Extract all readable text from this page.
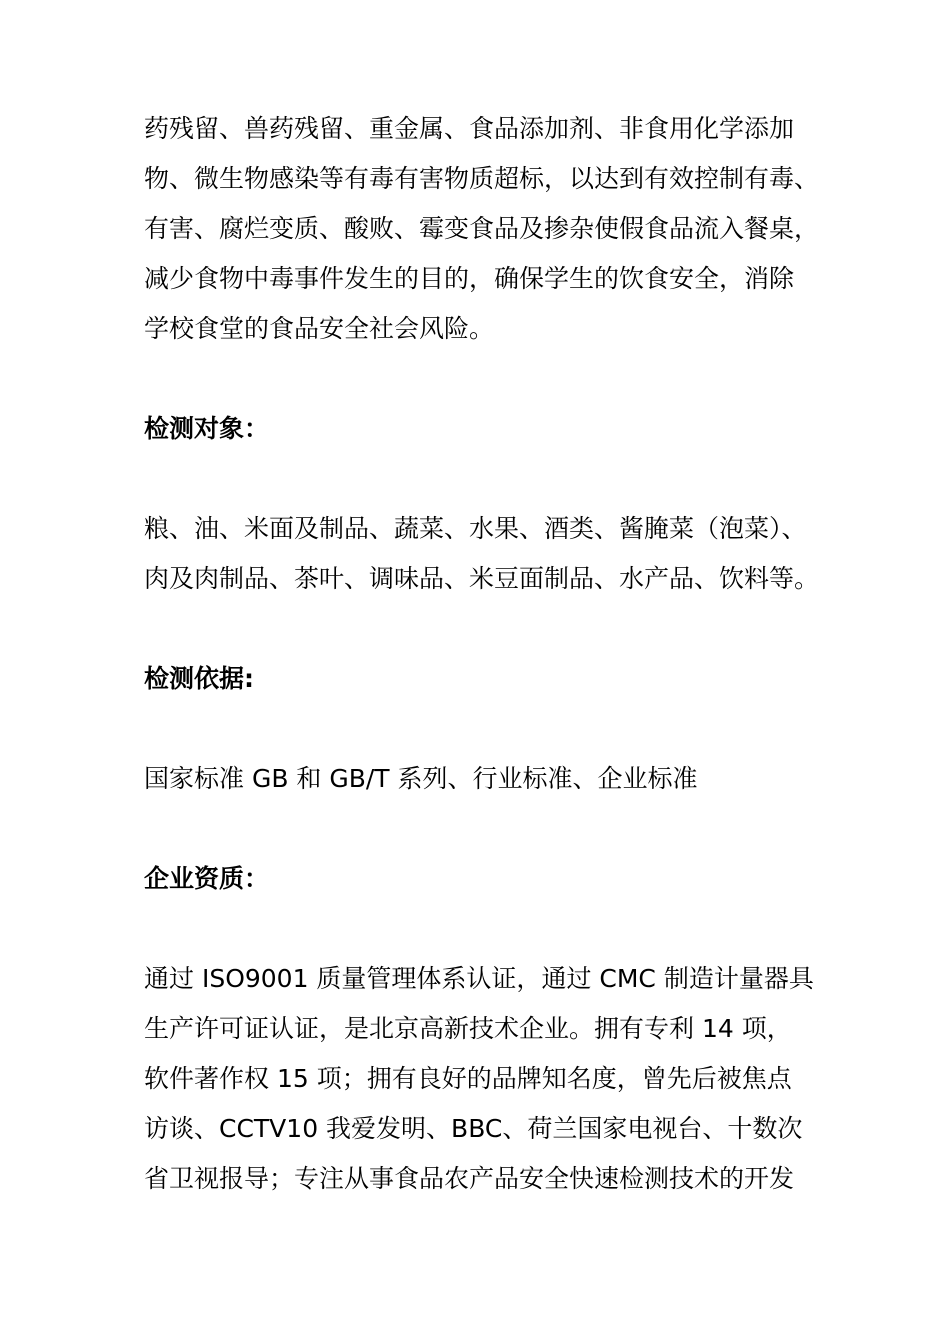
药残留、兽药残留、重金属、食品添加剂、非食用化学添加
物、微生物感染等有毒有害物质超标，以达到有效控制有毒、
有害、腐烂变质、酸败、霉变食品及掺杂使假食品流入餐桌，
减少食物中毒事件发生的目的，确保学生的饮食安全，消除
学校食堂的食品安全社会风险。

检测对象：

粮、油、米面及制品、蔬菜、水果、酒类、酱腌菜（泡菜）、
肉及肉制品、茶叶、调味品、米豆面制品、水产品、饮料等。

检测依据:

国家标准 GB 和 GB/T 系列、行业标准、企业标准

企业资质：

通过 ISO9001 质量管理体系认证，通过 CMC 制造计量器具
生产许可证认证，是北京高新技术企业。拥有专利 14 项，
软件著作权 15 项；拥有良好的品牌知名度，曾先后被焦点
访谈、CCTV10 我爱发明、BBC、荷兰国家电视台、十数次
省卫视报导；专注从事食品农产品安全快速检测技术的开发
